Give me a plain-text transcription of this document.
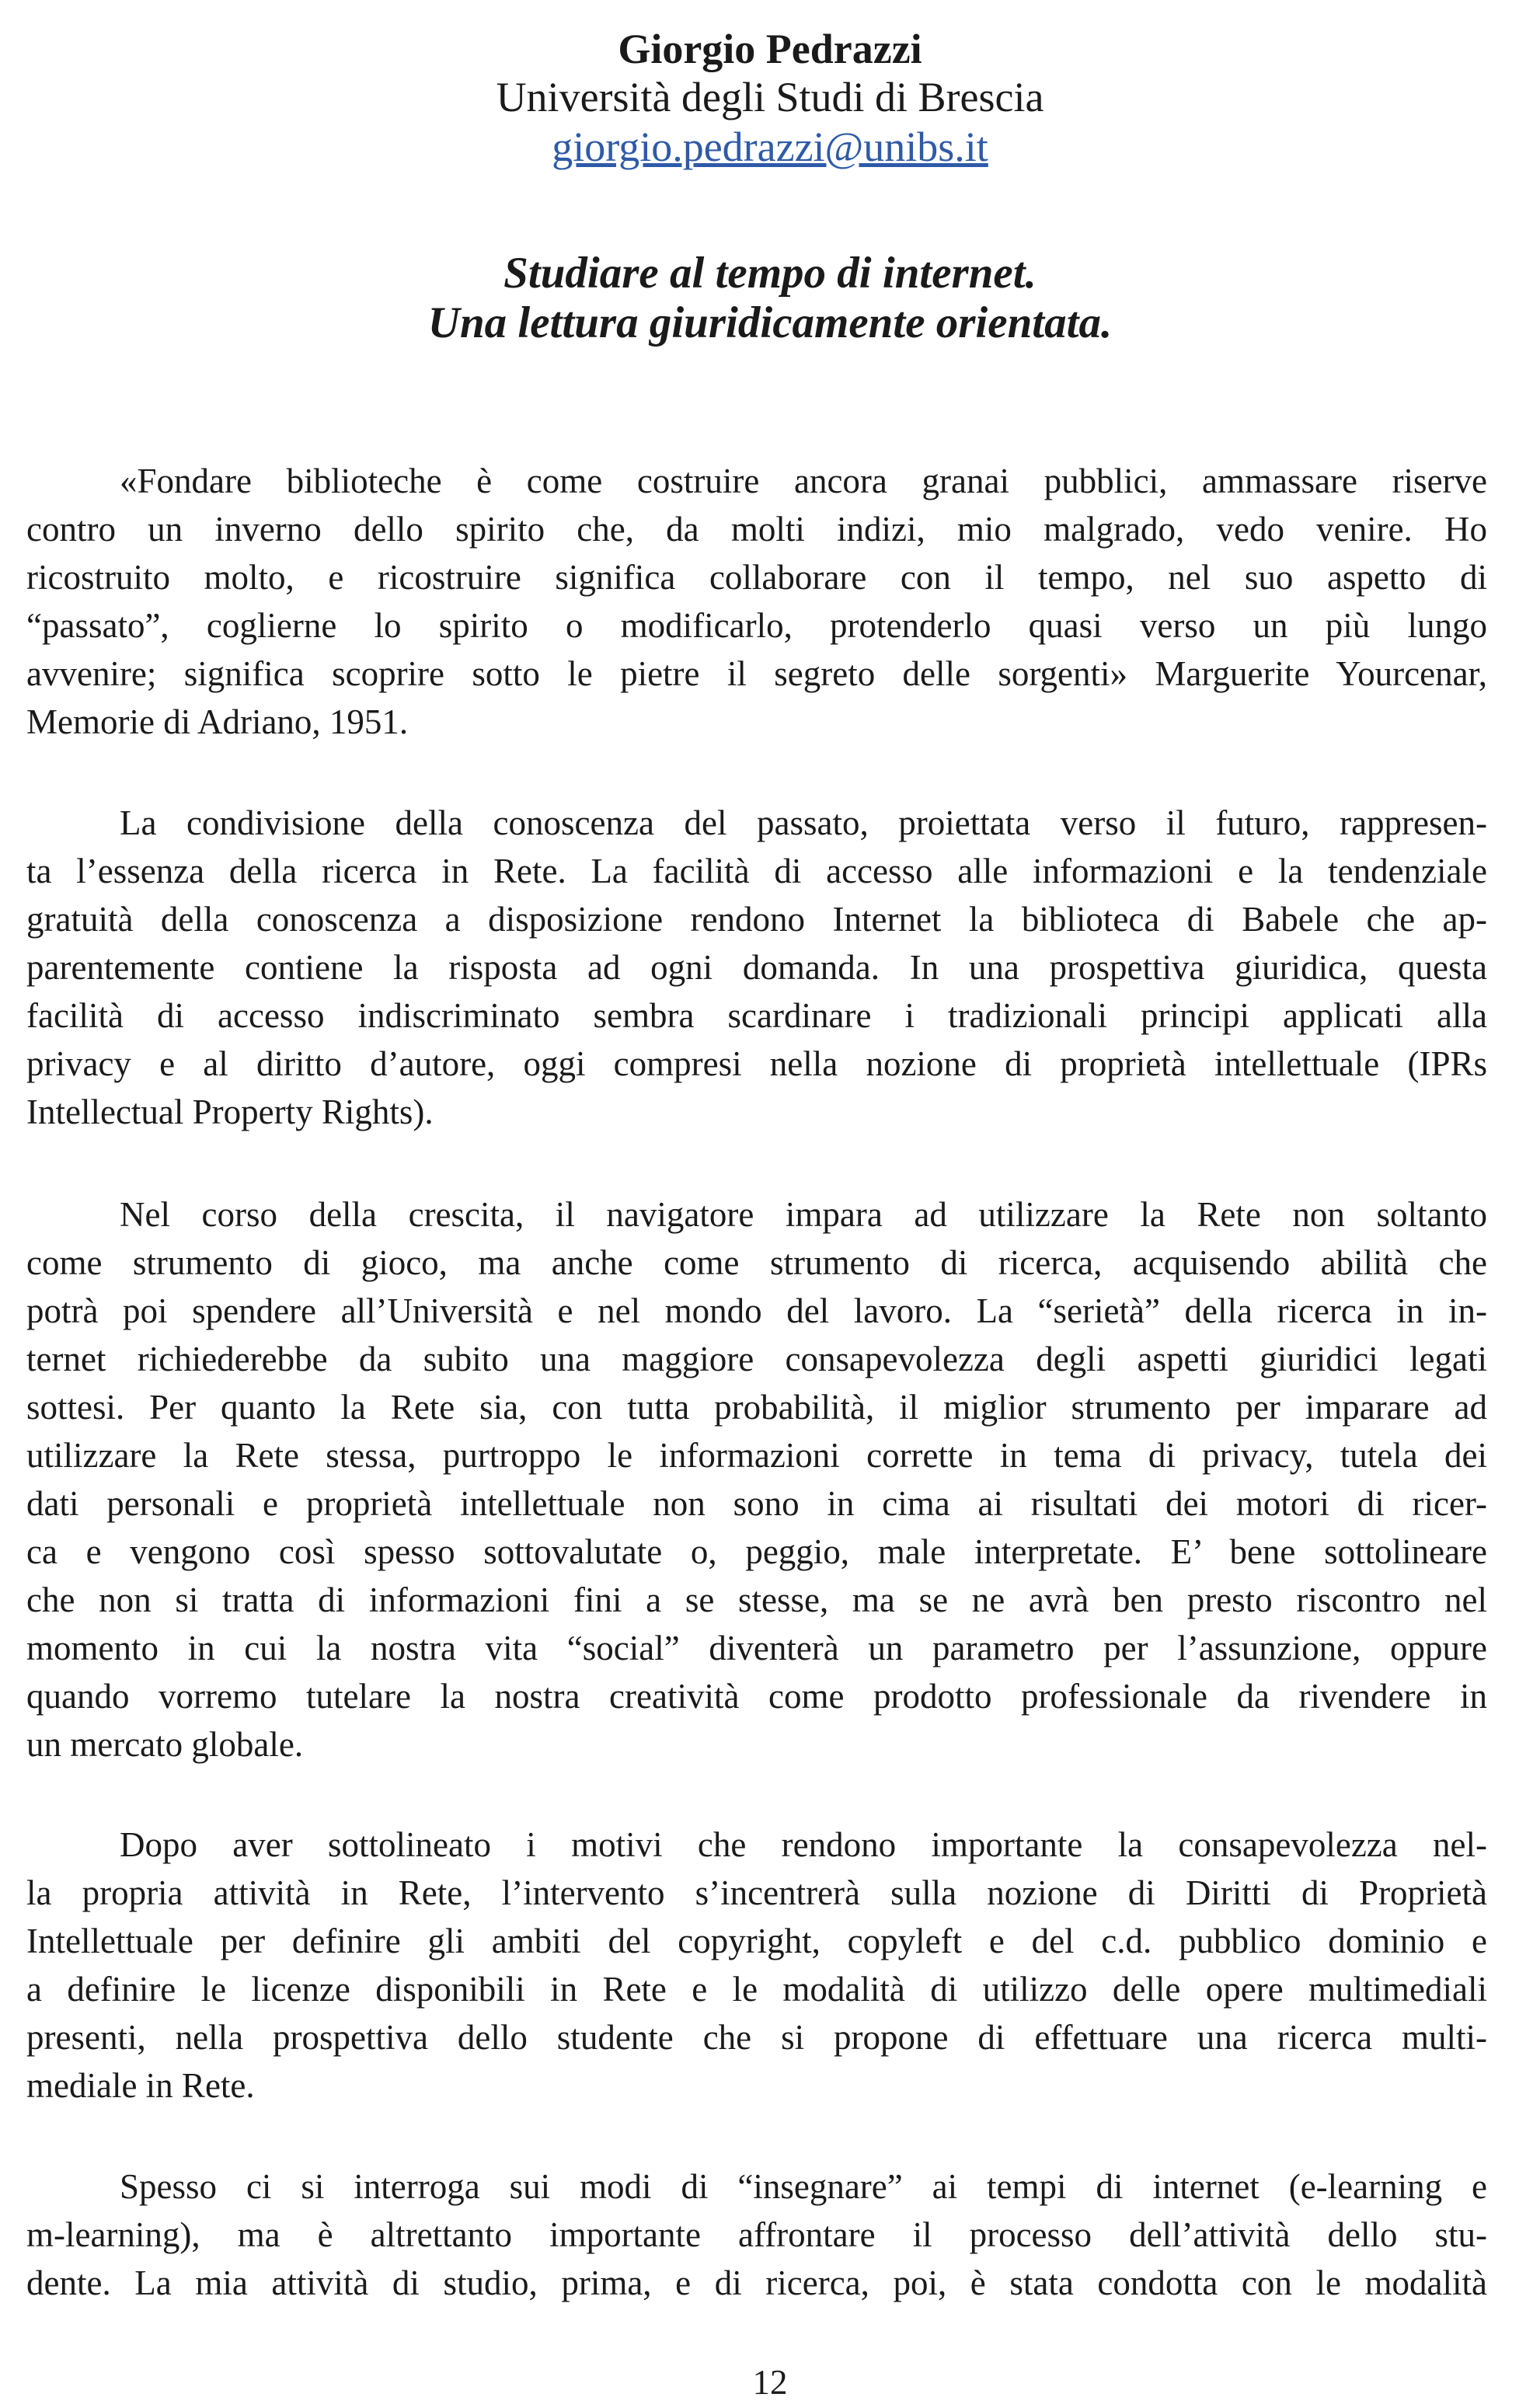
Giorgio Pedrazzi
Università degli Studi di Brescia
giorgio.pedrazzi@unibs.it
Studiare al tempo di internet.
Una lettura giuridicamente orientata.
«Fondare biblioteche è come costruire ancora granai pubblici, ammassare riserve
contro un inverno dello spirito che, da molti indizi, mio malgrado, vedo venire. Ho
ricostruito molto, e ricostruire significa collaborare con il tempo, nel suo aspetto di
“passato”, coglierne lo spirito o modificarlo, protenderlo quasi verso un più lungo
avvenire; significa scoprire sotto le pietre il segreto delle sorgenti» Marguerite Yourcenar,
Memorie di Adriano, 1951.
La condivisione della conoscenza del passato, proiettata verso il futuro, rappresen-
ta l’essenza della ricerca in Rete. La facilità di accesso alle informazioni e la tendenziale
gratuità della conoscenza a disposizione rendono Internet la biblioteca di Babele che ap-
parentemente contiene la risposta ad ogni domanda. In una prospettiva giuridica, questa
facilità di accesso indiscriminato sembra scardinare i tradizionali principi applicati alla
privacy e al diritto d’autore, oggi compresi nella nozione di proprietà intellettuale (IPRs
Intellectual Property Rights).
Nel corso della crescita, il navigatore impara ad utilizzare la Rete non soltanto
come strumento di gioco, ma anche come strumento di ricerca, acquisendo abilità che
potrà poi spendere all’Università e nel mondo del lavoro. La “serietà” della ricerca in in-
ternet richiederebbe da subito una maggiore consapevolezza degli aspetti giuridici legati
sottesi. Per quanto la Rete sia, con tutta probabilità, il miglior strumento per imparare ad
utilizzare la Rete stessa, purtroppo le informazioni corrette in tema di privacy, tutela dei
dati personali e proprietà intellettuale non sono in cima ai risultati dei motori di ricer-
ca e vengono così spesso sottovalutate o, peggio, male interpretate. E’ bene sottolineare
che non si tratta di informazioni fini a se stesse, ma se ne avrà ben presto riscontro nel
momento in cui la nostra vita “social” diventerà un parametro per l’assunzione, oppure
quando vorremo tutelare la nostra creatività come prodotto professionale da rivendere in
un mercato globale.
Dopo aver sottolineato i motivi che rendono importante la consapevolezza nel-
la propria attività in Rete, l’intervento s’incentrerà sulla nozione di Diritti di Proprietà
Intellettuale per definire gli ambiti del copyright, copyleft e del c.d. pubblico dominio e
a definire le licenze disponibili in Rete e le modalità di utilizzo delle opere multimediali
presenti, nella prospettiva dello studente che si propone di effettuare una ricerca multi-
mediale in Rete.
Spesso ci si interroga sui modi di “insegnare” ai tempi di internet (e-learning e
m-learning), ma è altrettanto importante affrontare il processo dell’attività dello stu-
dente. La mia attività di studio, prima, e di ricerca, poi, è stata condotta con le modalità
12
